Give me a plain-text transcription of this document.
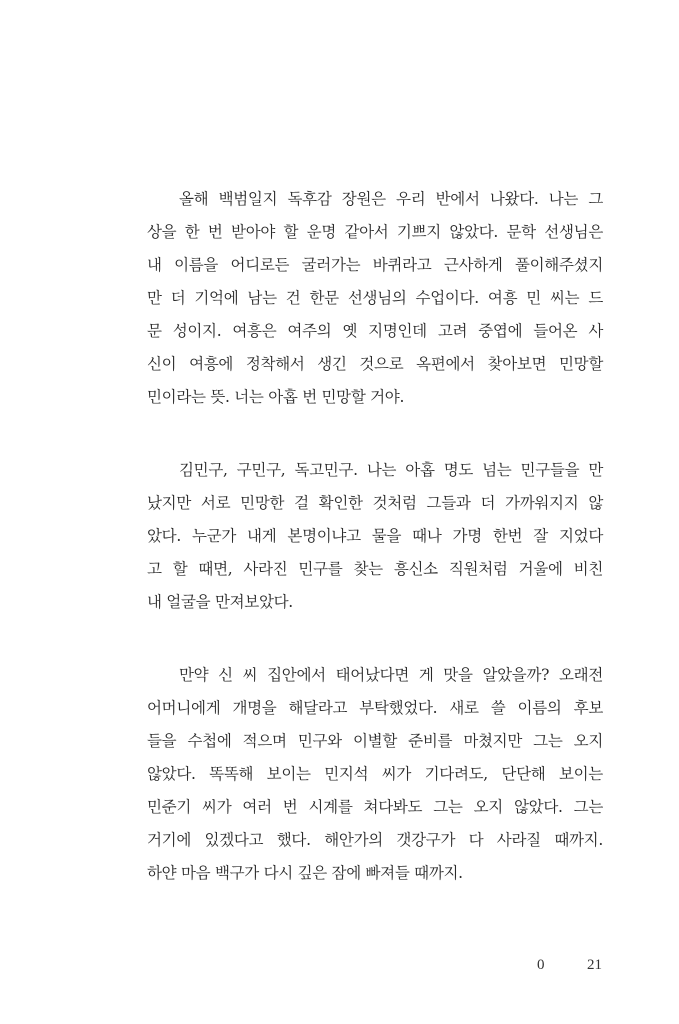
올해 백범일지 독후감 장원은 우리 반에서 나왔다. 나는 그
상을 한 번 받아야 할 운명 같아서 기쁘지 않았다. 문학 선생님은
내 이름을 어디로든 굴러가는 바퀴라고 근사하게 풀이해주셨지
만 더 기억에 남는 건 한문 선생님의 수업이다. 여흥 민 씨는 드
문 성이지. 여흥은 여주의 옛 지명인데 고려 중엽에 들어온 사
신이 여흥에 정착해서 생긴 것으로 옥편에서 찾아보면 민망할
민이라는 뜻. 너는 아홉 번 민망할 거야.
김민구, 구민구, 독고민구. 나는 아홉 명도 넘는 민구들을 만
났지만 서로 민망한 걸 확인한 것처럼 그들과 더 가까워지지 않
았다. 누군가 내게 본명이냐고 물을 때나 가명 한번 잘 지었다
고 할 때면, 사라진 민구를 찾는 흥신소 직원처럼 거울에 비친
내 얼굴을 만져보았다.
만약 신 씨 집안에서 태어났다면 게 맛을 알았을까? 오래전
어머니에게 개명을 해달라고 부탁했었다. 새로 쓸 이름의 후보
들을 수첩에 적으며 민구와 이별할 준비를 마쳤지만 그는 오지
않았다. 똑똑해 보이는 민지석 씨가 기다려도, 단단해 보이는
민준기 씨가 여러 번 시계를 쳐다봐도 그는 오지 않았다. 그는
거기에 있겠다고 했다. 해안가의 갯강구가 다 사라질 때까지.
하얀 마음 백구가 다시 깊은 잠에 빠져들 때까지.
0	21
